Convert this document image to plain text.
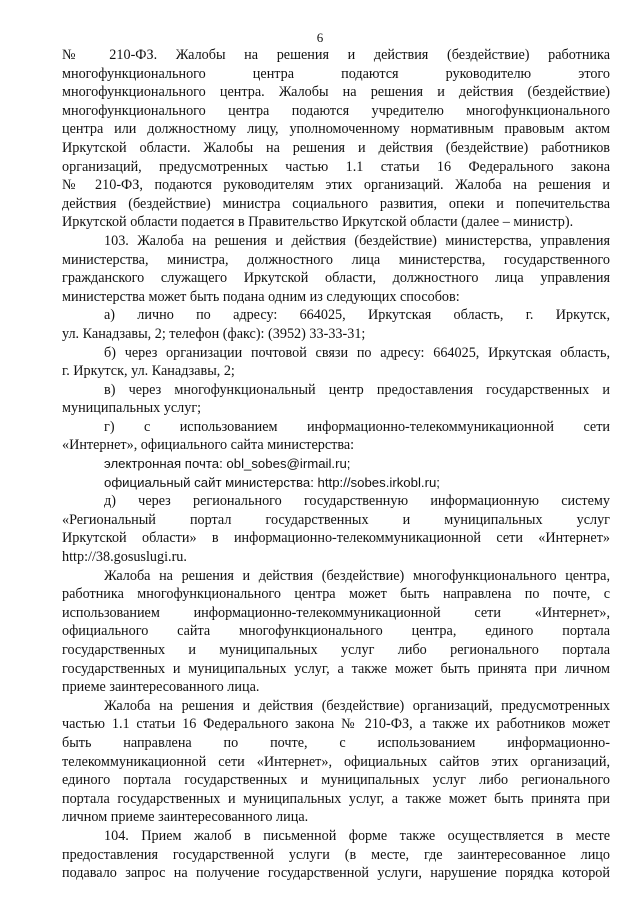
6
№ 210-ФЗ. Жалобы на решения и действия (бездействие) работника
многофункционального центра подаются руководителю этого
многофункционального центра. Жалобы на решения и действия (бездействие)
многофункционального центра подаются учредителю многофункционального
центра или должностному лицу, уполномоченному нормативным правовым актом
Иркутской области. Жалобы на решения и действия (бездействие) работников
организаций, предусмотренных частью 1.1 статьи 16 Федерального закона
№ 210-ФЗ, подаются руководителям этих организаций. Жалоба на решения и
действия (бездействие) министра социального развития, опеки и попечительства
Иркутской области подается в Правительство Иркутской области (далее – министр).
103. Жалоба на решения и действия (бездействие) министерства, управления
министерства, министра, должностного лица министерства, государственного
гражданского служащего Иркутской области, должностного лица управления
министерства может быть подана одним из следующих способов:
а) лично по адресу: 664025, Иркутская область, г. Иркутск,
ул. Канадзавы, 2; телефон (факс): (3952) 33-33-31;
б) через организации почтовой связи по адресу: 664025, Иркутская область,
г. Иркутск, ул. Канадзавы, 2;
в) через многофункциональный центр предоставления государственных и
муниципальных услуг;
г) с использованием информационно-телекоммуникационной сети
«Интернет», официального сайта министерства:
электронная почта: obl_sobes@irmail.ru;
официальный сайт министерства: http://sobes.irkobl.ru;
д) через регионального государственную информационную систему
«Региональный портал государственных и муниципальных услуг
Иркутской области» в информационно-телекоммуникационной сети «Интернет»
http://38.gosuslugi.ru.
Жалоба на решения и действия (бездействие) многофункционального центра,
работника многофункционального центра может быть направлена по почте, с
использованием информационно-телекоммуникационной сети «Интернет»,
официального сайта многофункционального центра, единого портала
государственных и муниципальных услуг либо регионального портала
государственных и муниципальных услуг, а также может быть принята при личном
приеме заинтересованного лица.
Жалоба на решения и действия (бездействие) организаций, предусмотренных
частью 1.1 статьи 16 Федерального закона № 210-ФЗ, а также их работников может
быть направлена по почте, с использованием информационно-
телекоммуникационной сети «Интернет», официальных сайтов этих организаций,
единого портала государственных и муниципальных услуг либо регионального
портала государственных и муниципальных услуг, а также может быть принята при
личном приеме заинтересованного лица.
104. Прием жалоб в письменной форме также осуществляется в месте
предоставления государственной услуги (в месте, где заинтересованное лицо
подавало запрос на получение государственной услуги, нарушение порядка которой
